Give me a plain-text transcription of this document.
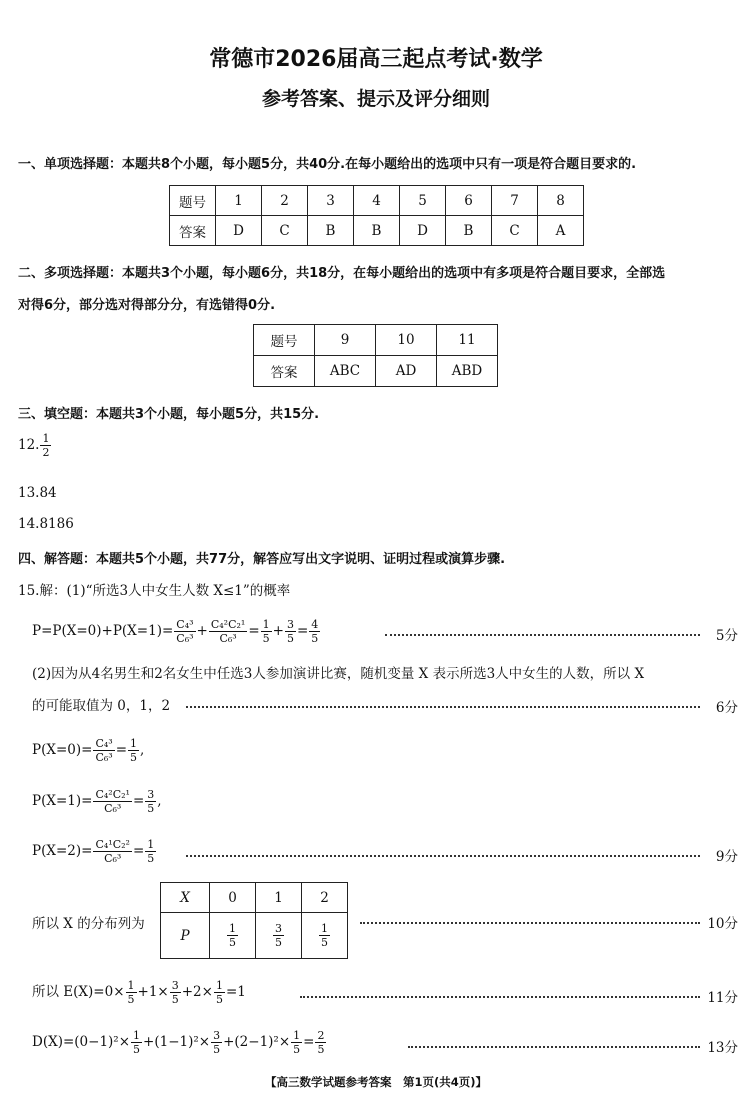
常德市2026届高三起点考试·数学
参考答案、提示及评分细则
一、单项选择题：本题共8个小题，每小题5分，共40分.在每小题给出的选项中只有一项是符合题目要求的.
题号	1	2	3	4	5	6	7	8
答案	D	C	B	B	D	B	C	A
二、多项选择题：本题共3个小题，每小题6分，共18分，在每小题给出的选项中有多项是符合题目要求，全部选
对得6分，部分选对得部分分，有选错得0分.
题号	9	10	11
答案	ABC	AD	ABD
三、填空题：本题共3个小题，每小题5分，共15分.
12. $\frac{1}{2}$
13.84
14.8186
四、解答题：本题共5个小题，共77分，解答应写出文字说明、证明过程或演算步骤.
15.解：(1)“所选3人中女生人数 X≤1”的概率
$P=P(X=0)+P(X=1)= \frac{\text{C₄³}}{\text{C₆³}} + \frac{\text{C₄²C₂¹}}{\text{C₆³}} = \frac{1}{5} + \frac{3}{5} = \frac{4}{5}$	5分
(2)因为从4名男生和2名女生中任选3人参加演讲比赛，随机变量 X 表示所选3人中女生的人数，所以 X
的可能取值为 0，1，2	6分
$P(X=0)= \frac{\text{C₄³}}{\text{C₆³}} = \frac{1}{5}$ ,
$P(X=1)= \frac{\text{C₄²C₂¹}}{\text{C₆³}} = \frac{3}{5}$ ,
$P(X=2)= \frac{\text{C₄¹C₂²}}{\text{C₆³}} = \frac{1}{5}$	9分
所以 X 的分布列为
X	0	1	2
P	$\frac{1}{5}$	$\frac{3}{5}$	$\frac{1}{5}$	10分
所以 $E(X)=0\times \frac{1}{5} +1\times \frac{3}{5} +2\times \frac{1}{5} =1$	11分
$D(X)=(0-1)^2\times \frac{1}{5} +(1-1)^2\times \frac{3}{5} +(2-1)^2\times \frac{1}{5} = \frac{2}{5}$	13分
【高三数学试题参考答案　第1页(共4页)】
